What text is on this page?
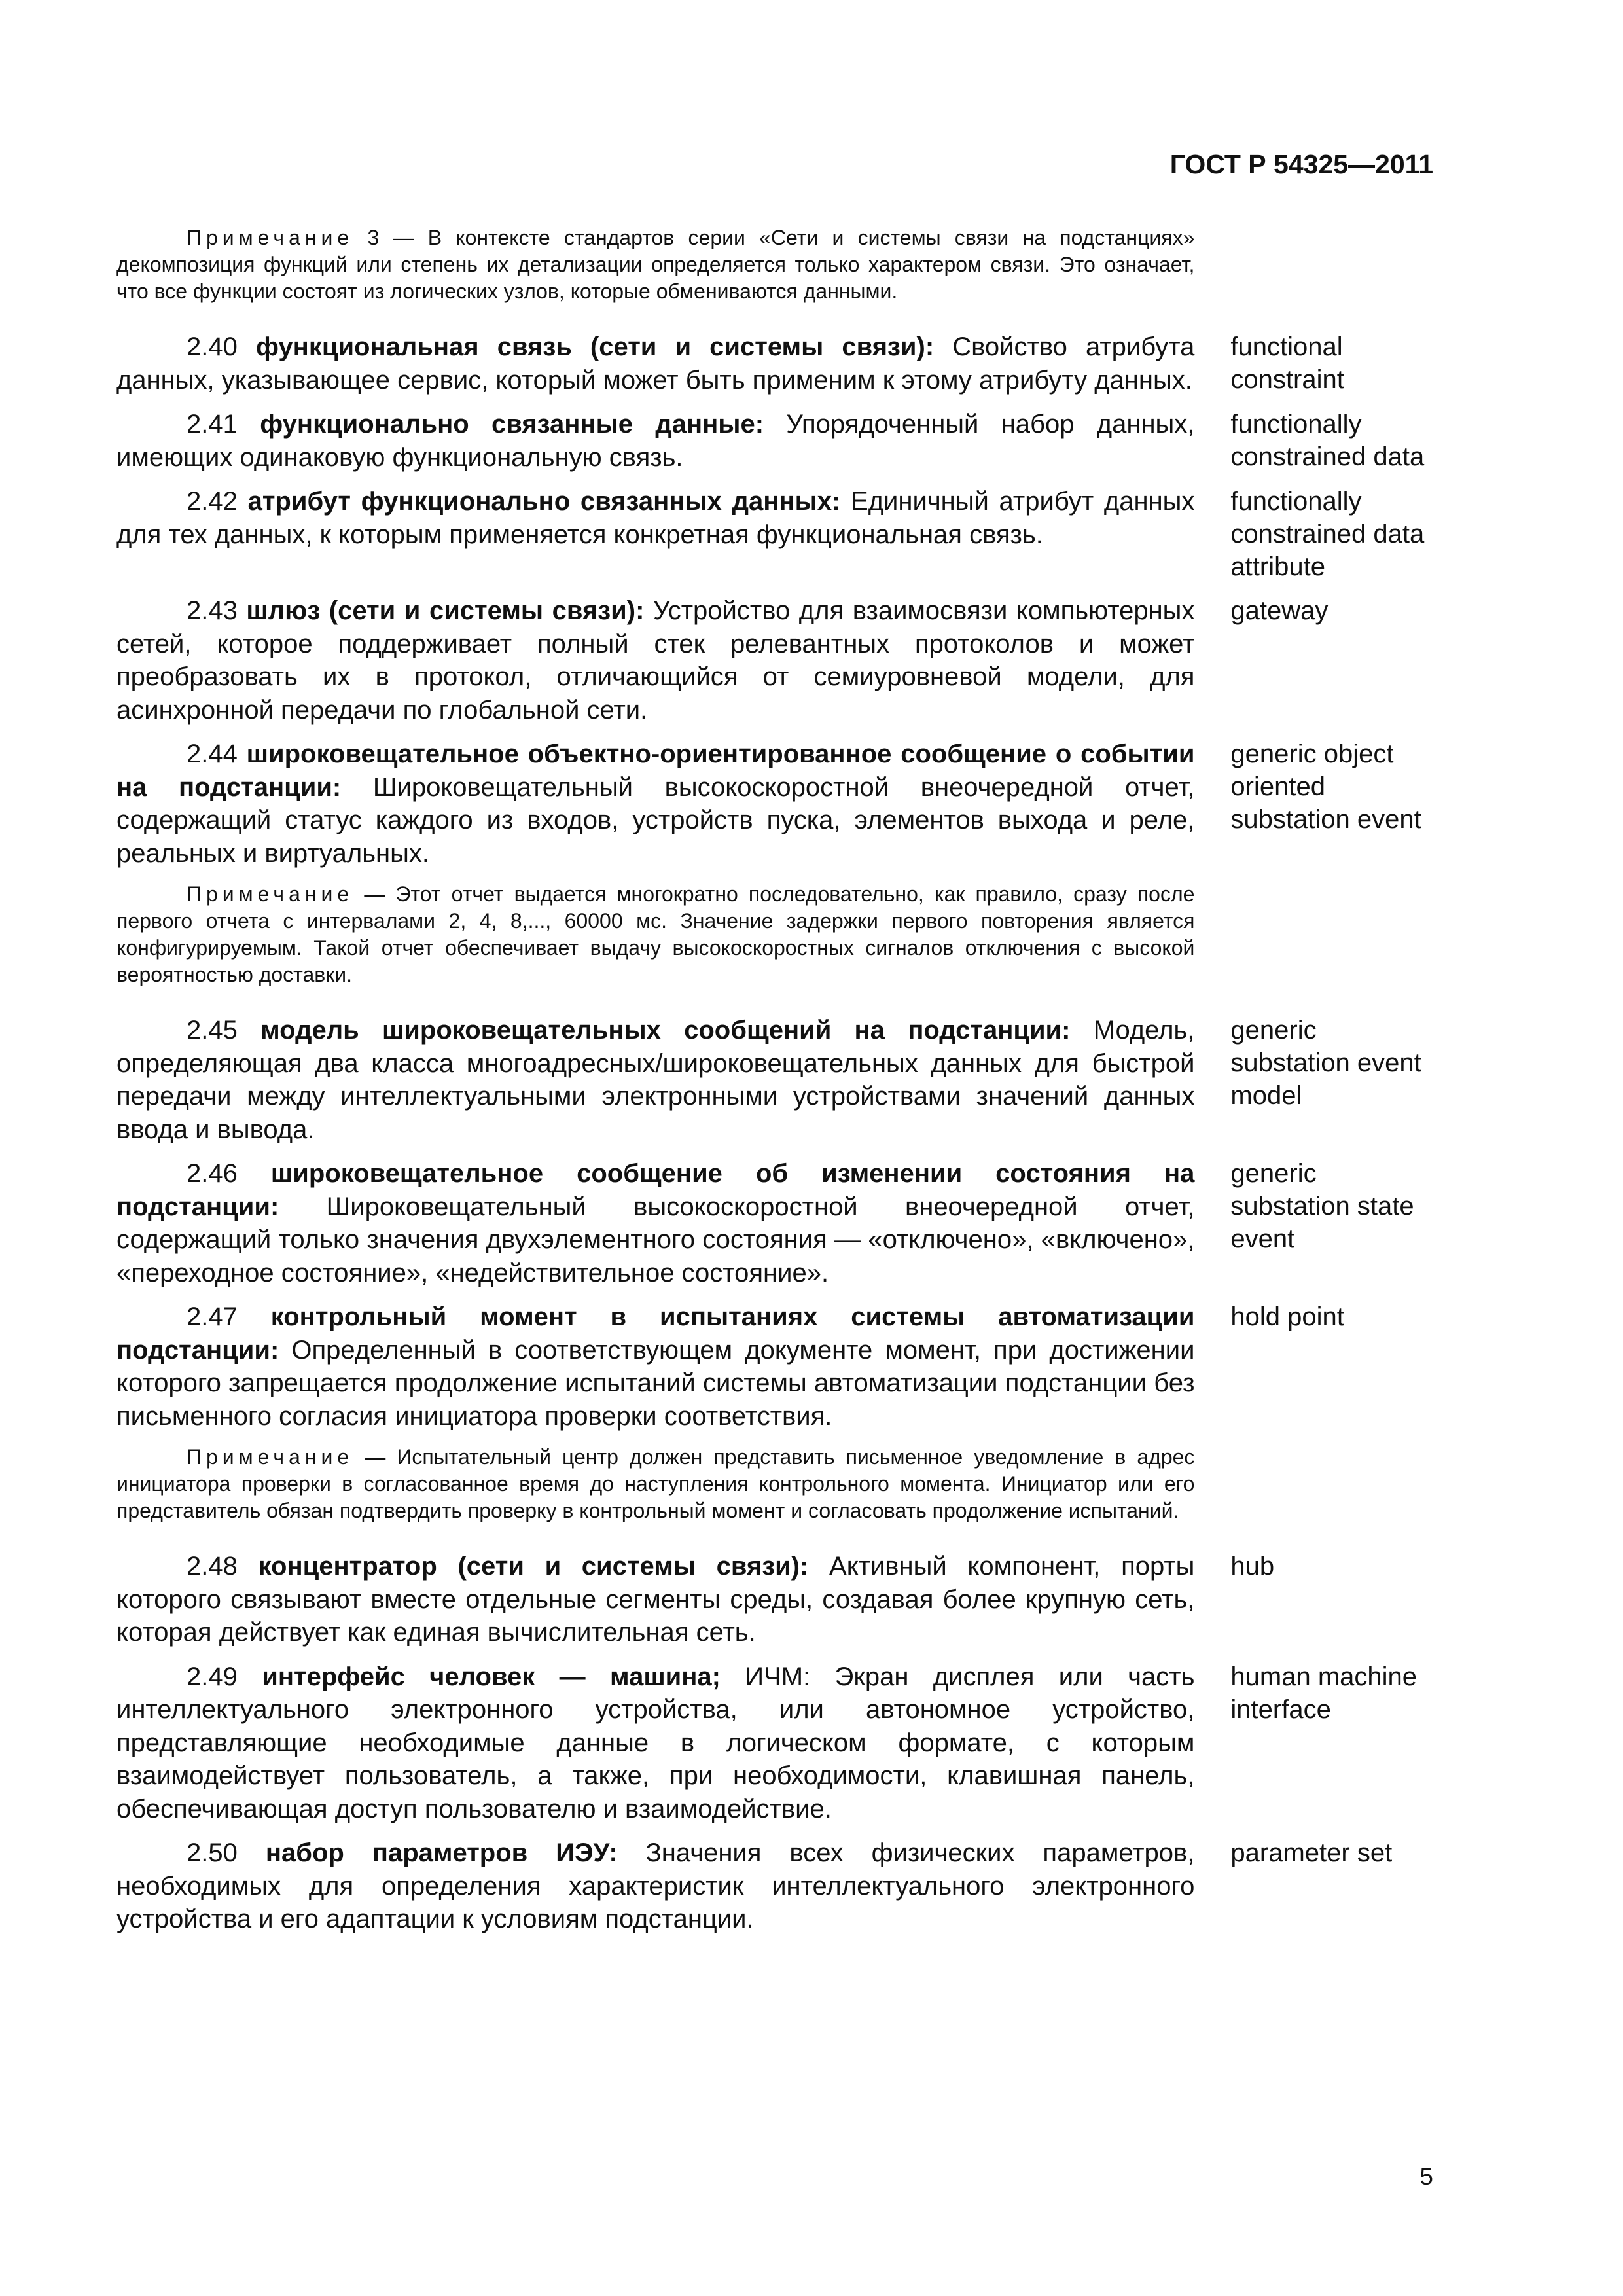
ГОСТ Р 54325—2011
Примечание 3 — В контексте стандартов серии «Сети и системы связи на подстанциях» декомпозиция функций или степень их детализации определяется только характером связи. Это означает, что все функции состоят из логических узлов, которые обмениваются данными.
2.40 функциональная связь (сети и системы связи): Свойство атрибута данных, указывающее сервис, который может быть применим к этому атрибуту данных.
functional constraint
2.41 функционально связанные данные: Упорядоченный набор данных, имеющих одинаковую функциональную связь.
functionally constrained data
2.42 атрибут функционально связанных данных: Единичный атрибут данных для тех данных, к которым применяется конкретная функциональная связь.
functionally constrained data attribute
2.43 шлюз (сети и системы связи): Устройство для взаимосвязи компьютерных сетей, которое поддерживает полный стек релевантных протоколов и может преобразовать их в протокол, отличающийся от семиуровневой модели, для асинхронной передачи по глобальной сети.
gateway
2.44 широковещательное объектно-ориентированное сообщение о событии на подстанции: Широковещательный высокоскоростной внеочередной отчет, содержащий статус каждого из входов, устройств пуска, элементов выхода и реле, реальных и виртуальных.
generic object oriented substation event
Примечание — Этот отчет выдается многократно последовательно, как правило, сразу после первого отчета с интервалами 2, 4, 8,..., 60000 мс. Значение задержки первого повторения является конфигурируемым. Такой отчет обеспечивает выдачу высокоскоростных сигналов отключения с высокой вероятностью доставки.
2.45 модель широковещательных сообщений на подстанции: Модель, определяющая два класса многоадресных/широковещательных данных для быстрой передачи между интеллектуальными электронными устройствами значений данных ввода и вывода.
generic substation event model
2.46 широковещательное сообщение об изменении состояния на подстанции: Широковещательный высокоскоростной внеочередной отчет, содержащий только значения двухэлементного состояния — «отключено», «включено», «переходное состояние», «недействительное состояние».
generic substation state event
2.47 контрольный момент в испытаниях системы автоматизации подстанции: Определенный в соответствующем документе момент, при достижении которого запрещается продолжение испытаний системы автоматизации подстанции без письменного согласия инициатора проверки соответствия.
hold point
Примечание — Испытательный центр должен представить письменное уведомление в адрес инициатора проверки в согласованное время до наступления контрольного момента. Инициатор или его представитель обязан подтвердить проверку в контрольный момент и согласовать продолжение испытаний.
2.48 концентратор (сети и системы связи): Активный компонент, порты которого связывают вместе отдельные сегменты среды, создавая более крупную сеть, которая действует как единая вычислительная сеть.
hub
2.49 интерфейс человек — машина; ИЧМ: Экран дисплея или часть интеллектуального электронного устройства, или автономное устройство, представляющие необходимые данные в логическом формате, с которым взаимодействует пользователь, а также, при необходимости, клавишная панель, обеспечивающая доступ пользователю и взаимодействие.
human machine interface
2.50 набор параметров ИЭУ: Значения всех физических параметров, необходимых для определения характеристик интеллектуального электронного устройства и его адаптации к условиям подстанции.
parameter set
5
